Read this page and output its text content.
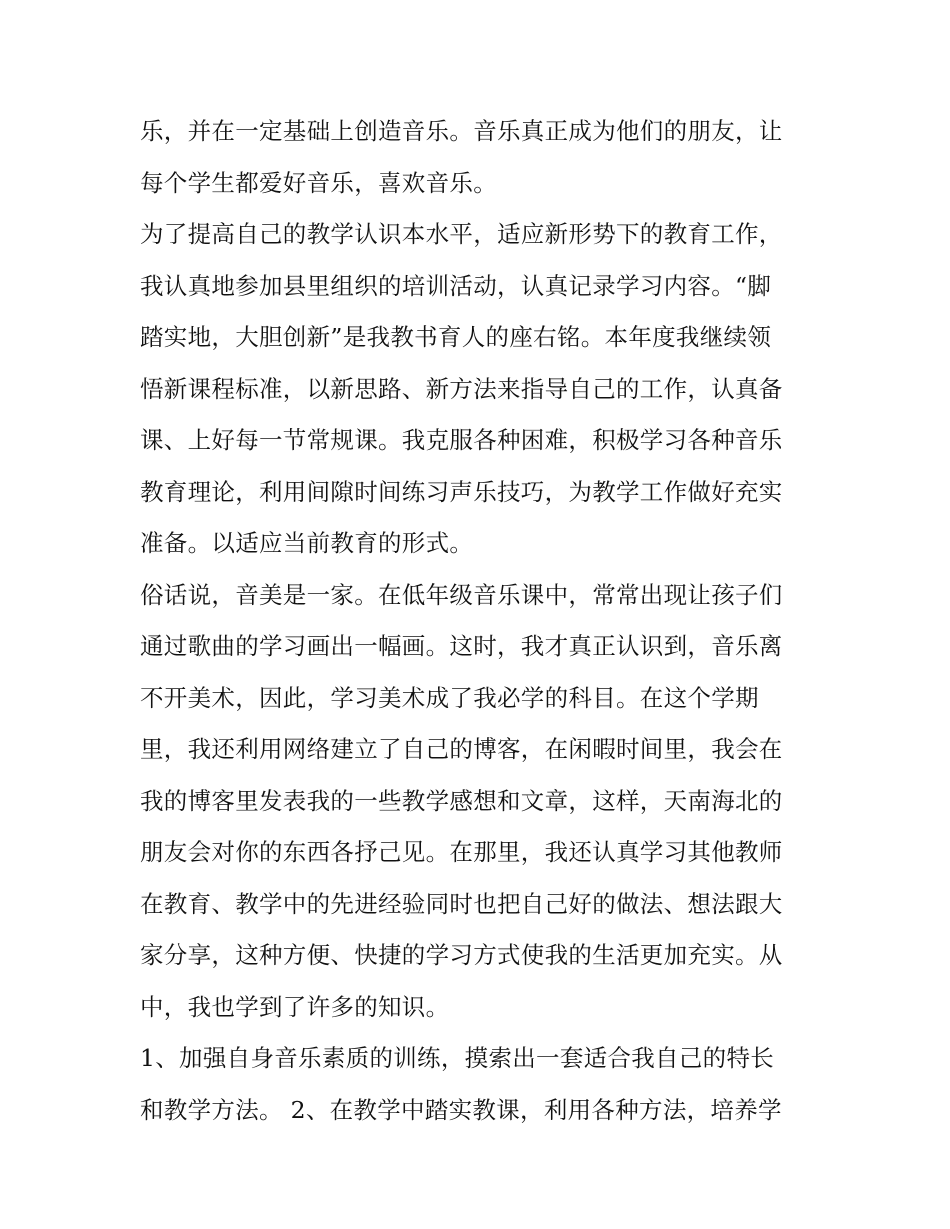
乐，并在一定基础上创造音乐。音乐真正成为他们的朋友，让
每个学生都爱好音乐，喜欢音乐。
为了提高自己的教学认识本水平，适应新形势下的教育工作，
我认真地参加县里组织的培训活动，认真记录学习内容。“脚
踏实地，大胆创新”是我教书育人的座右铭。本年度我继续领
悟新课程标准，以新思路、新方法来指导自己的工作，认真备
课、上好每一节常规课。我克服各种困难，积极学习各种音乐
教育理论，利用间隙时间练习声乐技巧，为教学工作做好充实
准备。以适应当前教育的形式。
俗话说，音美是一家。在低年级音乐课中，常常出现让孩子们
通过歌曲的学习画出一幅画。这时，我才真正认识到，音乐离
不开美术，因此，学习美术成了我必学的科目。在这个学期
里，我还利用网络建立了自己的博客，在闲暇时间里，我会在
我的博客里发表我的一些教学感想和文章，这样，天南海北的
朋友会对你的东西各抒己见。在那里，我还认真学习其他教师
在教育、教学中的先进经验同时也把自己好的做法、想法跟大
家分享，这种方便、快捷的学习方式使我的生活更加充实。从
中，我也学到了许多的知识。
1、加强自身音乐素质的训练，摸索出一套适合我自己的特长
和教学方法。 2、在教学中踏实教课，利用各种方法，培养学
